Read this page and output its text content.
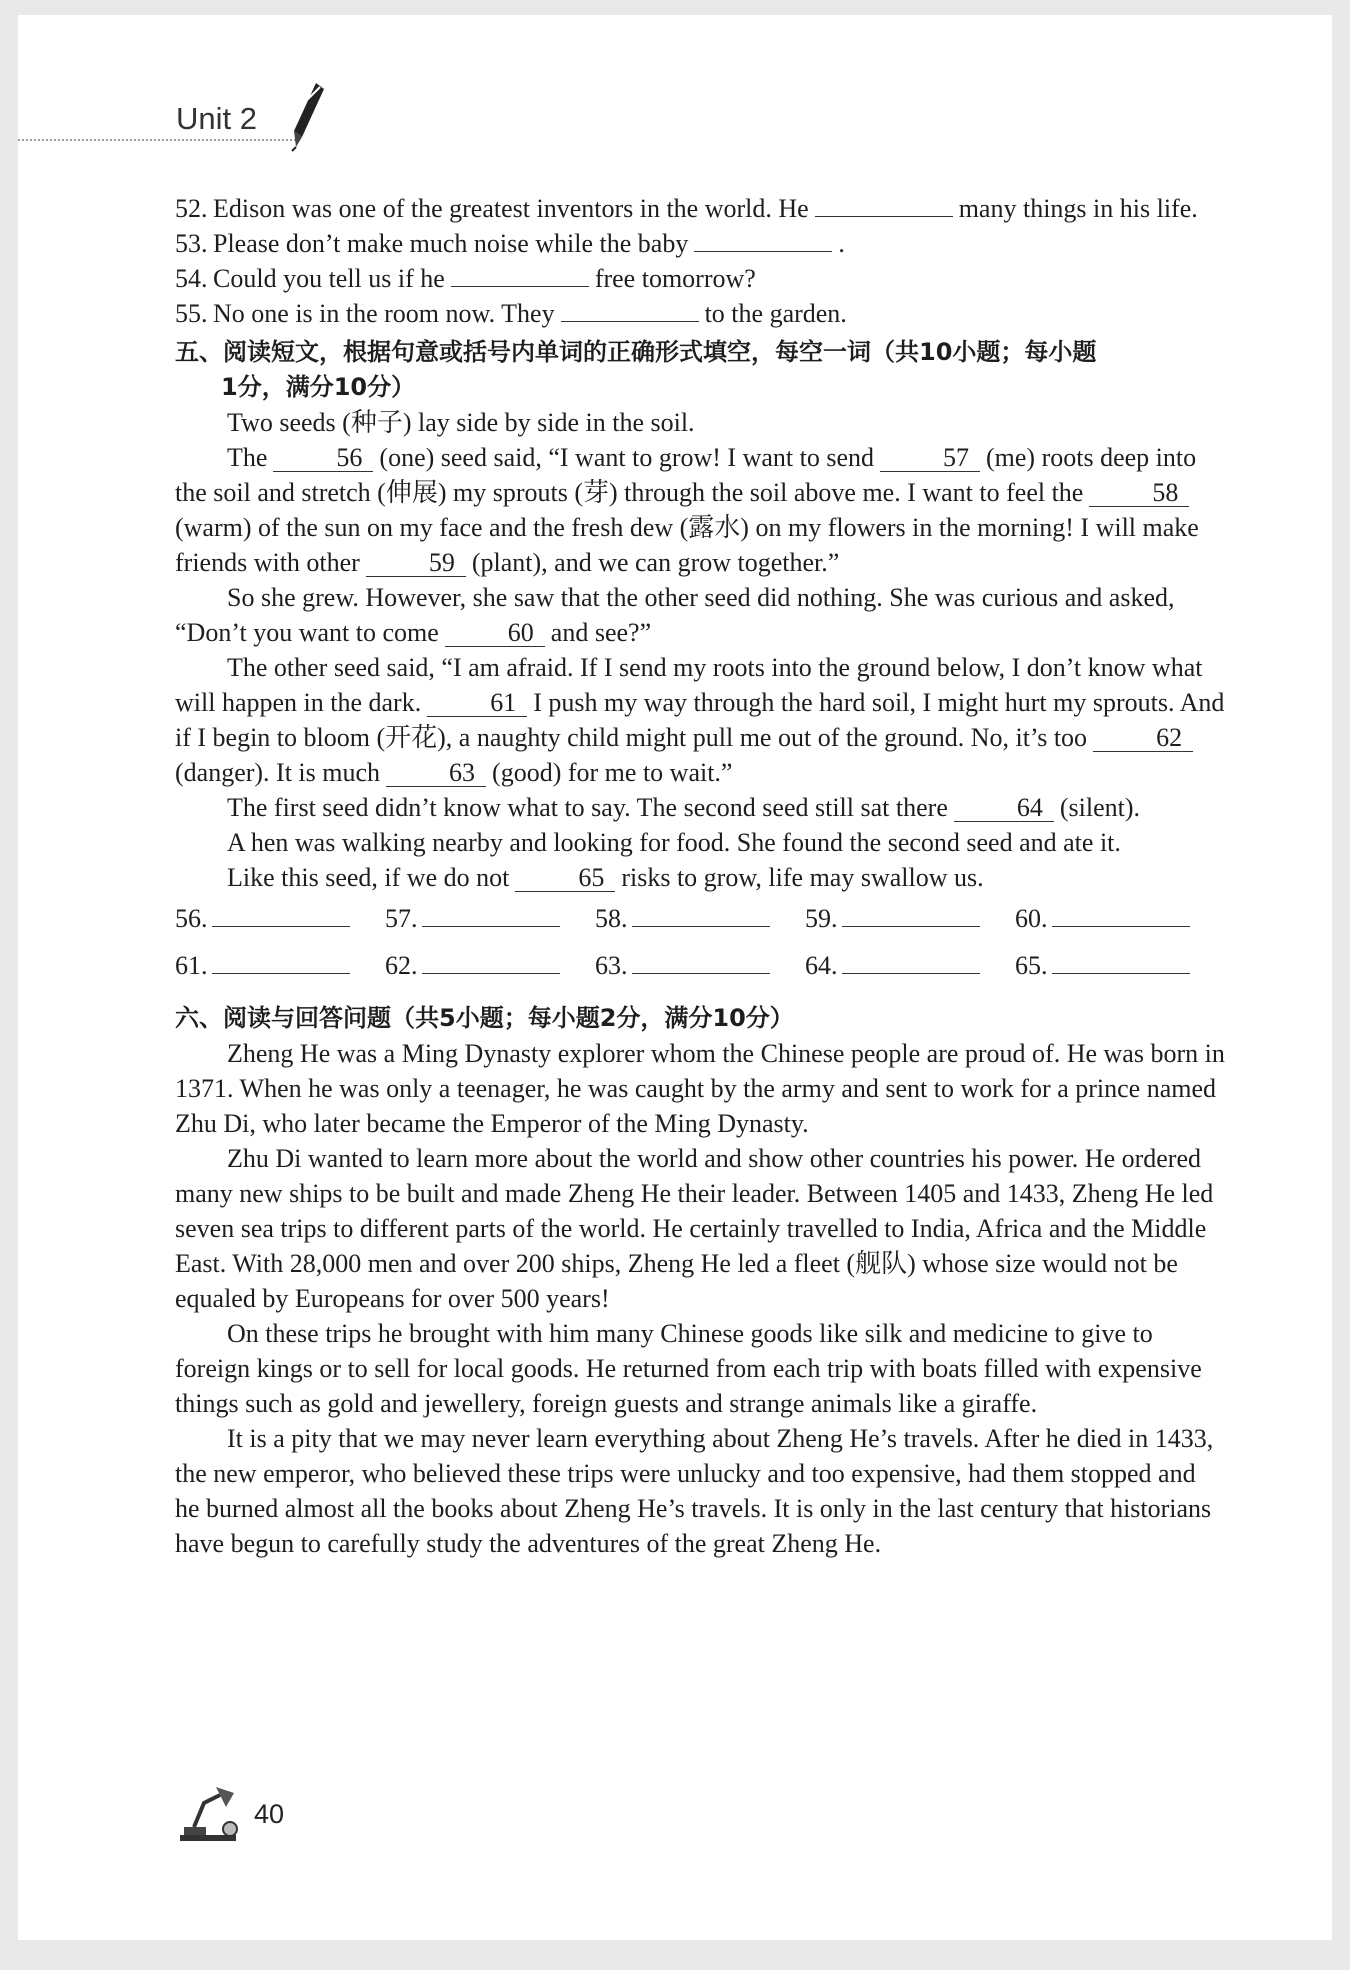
Unit 2

52. Edison was one of the greatest inventors in the world. He	many things in his life.

53. Please don’t make much noise while the baby	.

54. Could you tell us if he	free tomorrow?

55. No one is in the room now. They	to the garden.

五、阅读短文，根据句意或括号内单词的正确形式填空，每空一词（共10小题；每小题
1分，满分10分）

Two seeds (种子) lay side by side in the soil.

The	56 (one) seed said, “I want to grow! I want to send	57 (me) roots deep into the soil and stretch (伸展) my sprouts (芽) through the soil above me. I want to feel the	58(warm) of the sun on my face and the fresh dew (露水) on my flowers in the morning! I will make friends with other	59 (plant), and we can grow together.”

So she grew. However, she saw that the other seed did nothing. She was curious and asked, “Don’t you want to come	60 and see?”

The other seed said, “I am afraid. If I send my roots into the ground below, I don’t know what will happen in the dark.	61 I push my way through the hard soil, I might hurt my sprouts. And if I begin to bloom (开花), a naughty child might pull me out of the ground. No, it’s too	62(danger). It is much	63 (good) for me to wait.”

The first seed didn’t know what to say. The second seed still sat there	64 (silent).

A hen was walking nearby and looking for food. She found the second seed and ate it.

Like this seed, if we do not	65 risks to grow, life may swallow us.

56.	57.	58.	59.	60.
61.	62.	63.	64.	65.
六、阅读与回答问题（共5小题；每小题2分，满分10分）

Zheng He was a Ming Dynasty explorer whom the Chinese people are proud of. He was born in 1371. When he was only a teenager, he was caught by the army and sent to work for a prince named Zhu Di, who later became the Emperor of the Ming Dynasty.

Zhu Di wanted to learn more about the world and show other countries his power. He ordered many new ships to be built and made Zheng He their leader. Between 1405 and 1433, Zheng He led seven sea trips to different parts of the world. He certainly travelled to India, Africa and the Middle East. With 28,000 men and over 200 ships, Zheng He led a fleet (舰队) whose size would not be equaled by Europeans for over 500 years!

On these trips he brought with him many Chinese goods like silk and medicine to give to foreign kings or to sell for local goods. He returned from each trip with boats filled with expensive things such as gold and jewellery, foreign guests and strange animals like a giraffe.

It is a pity that we may never learn everything about Zheng He’s travels. After he died in 1433, the new emperor, who believed these trips were unlucky and too expensive, had them stopped and he burned almost all the books about Zheng He’s travels. It is only in the last century that historians have begun to carefully study the adventures of the great Zheng He.

40
